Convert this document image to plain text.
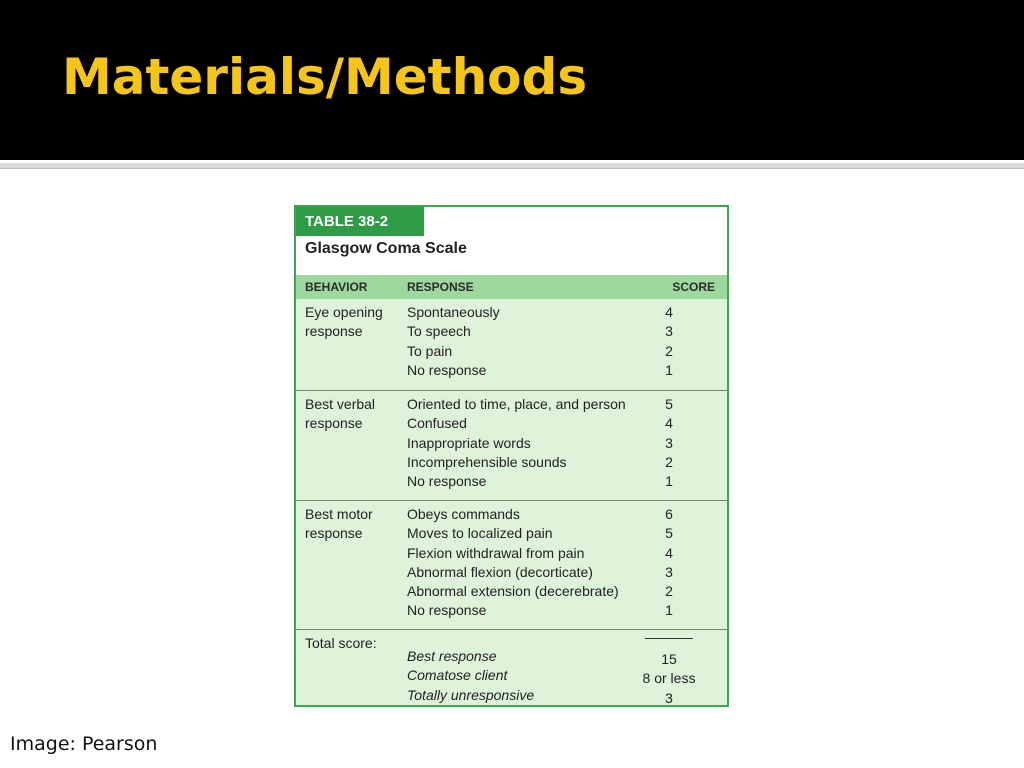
Materials/Methods
TABLE 38-2
Glasgow Coma Scale
BEHAVIOR	RESPONSE	SCORE
Eye opening
response
Spontaneously
To speech
To pain
No response
4
3
2
1
Best verbal
response
Oriented to time, place, and person
Confused
Inappropriate words
Incomprehensible sounds
No response
5
4
3
2
1
Best motor
response
Obeys commands
Moves to localized pain
Flexion withdrawal from pain
Abnormal flexion (decorticate)
Abnormal extension (decerebrate)
No response
6
5
4
3
2
1
Total score:
Best response
Comatose client
Totally unresponsive
15
8 or less
3
Image: Pearson
